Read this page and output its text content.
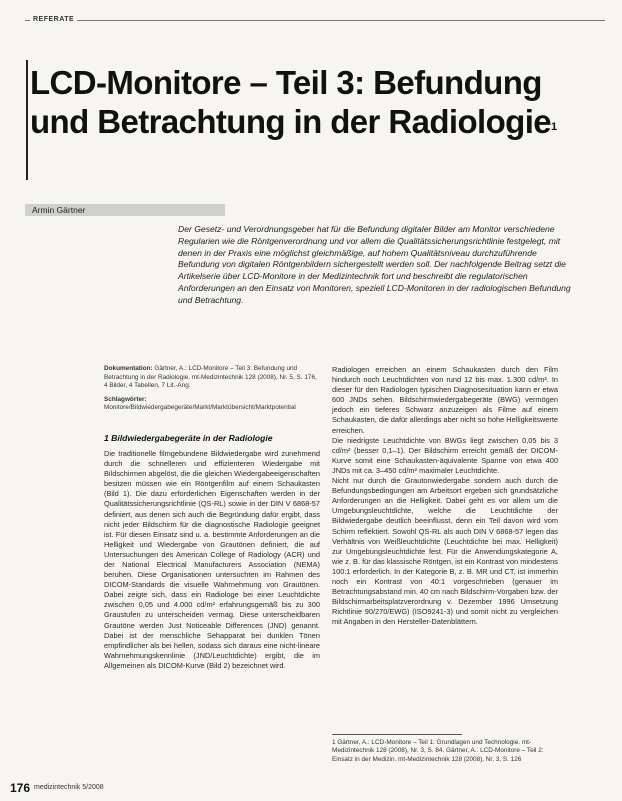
REFERATE
LCD-Monitore – Teil 3: Befundung und Betrachtung in der Radiologie$^1$
Armin Gärtner

Der Gesetz- und Verordnungsgeber hat für die Befundung digitaler Bilder am Monitor verschiedene Regularien wie die Röntgenverordnung und vor allem die Qualitätssicherungsrichtlinie festgelegt, mit denen in der Praxis eine möglichst gleichmäßige, auf hohem Qualitätsniveau durchzuführende Befundung von digitalen Röntgenbildern sichergestellt werden soll. Der nachfolgende Beitrag setzt die Artikelserie über LCD-Monitore in der Medizintechnik fort und beschreibt die regulatorischen Anforderungen an den Einsatz von Monitoren, speziell LCD-Monitoren in der radiologischen Befundung und Betrachtung.

Dokumentation: Gärtner, A.: LCD-Monitore – Teil 3: Befundung und Betrachtung in der Radiologie. mt-Medizintechnik 128 (2008), Nr. 5, S. 176, 4 Bilder, 4 Tabellen, 7 Lit.-Ang.

Schlagwörter: Monitore/Bildwiedergabegeräte/Markt/Marktübersicht/Marktpotential

1 Bildwiedergabegeräte in der Radiologie

Die traditionelle filmgebundene Bildwiedergabe wird zunehmend durch die schnelleren und effizienteren Wiedergabe mit Bildschirmen abgelöst, die die gleichen Wiedergabeeigenschaften besitzen müssen wie ein Röntgenfilm auf einem Schaukasten (Bild 1). Die dazu erforderlichen Eigenschaften werden in der Qualitätssicherungsrichtlinie (QS-RL) sowie in der DIN V 6868-57 definiert, aus denen sich auch die Begründung dafür ergibt, dass nicht jeder Bildschirm für die diagnostische Radiologie geeignet ist. Für diesen Einsatz sind u. a. bestimmte Anforderungen an die Helligkeit und Wiedergabe von Grautönen definiert, die auf Untersuchungen des American College of Radiology (ACR) und der National Electrical Manufacturers Association (NEMA) beruhen. Diese Organisationen untersuchten im Rahmen des DICOM-Standards die visuelle Wahrnehmung von Grautönen. Dabei zeigte sich, dass ein Radiologe bei einer Leuchtdichte zwischen 0,05 und 4.000 cd/m² erfahrungsgemäß bis zu 300 Graustufen zu unterscheiden vermag. Diese unterscheidbaren Grautöne werden Just Noticeable Differences (JND) genannt. Dabei ist der menschliche Sehapparat bei dunklen Tönen empfindlicher als bei hellen, sodass sich daraus eine nicht-lineare Wahrnehmungskennlinie (JND/Leuchtdichte) ergibt, die im Allgemeinen als DICOM-Kurve (Bild 2) bezeichnet wird.

Radiologen erreichen an einem Schaukasten durch den Film hindurch noch Leuchtdichten von rund 12 bis max. 1.300 cd/m². In dieser für den Radiologen typischen Diagnosesituation kann er etwa 600 JNDs sehen. Bildschirmwiedergabegeräte (BWG) vermögen jedoch ein tieferes Schwarz anzuzeigen als Filme auf einem Schaukasten, die dafür allerdings aber nicht so hohe Helligkeitswerte erreichen.

Die niedrigste Leuchtdichte von BWGs liegt zwischen 0,05 bis 3 cd/m² (besser 0,1–1). Der Bildschirm erreicht gemäß der DICOM-Kurve somit eine Schaukasten-äquivalente Spanne von etwa 400 JNDs mit ca. 3–450 cd/m² maximaler Leuchtdichte.

Nicht nur durch die Grautonwiedergabe sondern auch durch die Befundungsbedingungen am Arbeitsort ergeben sich grundsätzliche Anforderungen an die Helligkeit. Dabei geht es vor allem um die Umgebungsleuchtdichte, welche die Leuchtdichte der Bildwiedergabe deutlich beeinflusst, denn ein Teil davon wird vom Schirm reflektiert. Sowohl QS-RL als auch DIN V 6868-57 legen das Verhältnis von Weißleuchtdichte (Leuchtdichte bei max. Helligkeit) zur Umgebungsleuchtdichte fest. Für die Anwendungskategorie A, wie z. B. für das klassische Röntgen, ist ein Kontrast von mindestens 100:1 erforderlich. In der Kategorie B, z. B. MR und CT, ist immerhin noch ein Kontrast von 40:1 vorgeschrieben (genauer im Betrachtungsabstand min. 40 cm nach Bildschirm-Vorgaben bzw. der Bildschirmarbeitsplatzverordnung v. Dezember 1996 Umsetzung Richtlinie 90/270/EWG) (ISO9241-3) und somit nicht zu vergleichen mit Angaben in den Hersteller-Datenblättern.

1 Gärtner, A.: LCD-Monitore – Teil 1: Grundlagen und Technologie. mt-Medizintechnik 128 (2008), Nr. 3, S. 84. Gärtner, A.: LCD-Monitore – Teil 2: Einsatz in der Medizin. mt-Medizintechnik 128 (2008), Nr. 3, S. 126

176 medizintechnik 5/2008
